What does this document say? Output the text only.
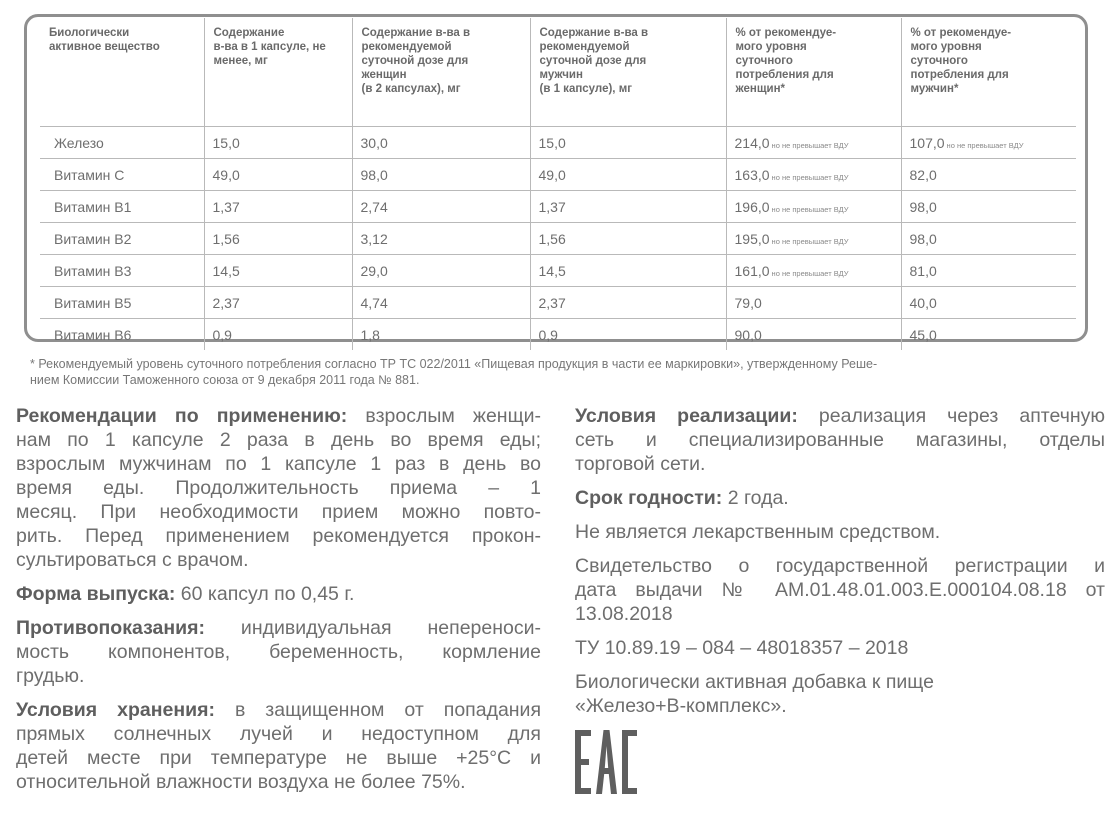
Биологически
активное вещество	Содержание
в-ва в 1 капсуле, не
менее, мг	Содержание в-ва в
рекомендуемой
суточной дозе для
женщин
(в 2 капсулах), мг	Содержание в-ва в
рекомендуемой
суточной дозе для
мужчин
(в 1 капсуле), мг	% от рекомендуе-
мого уровня
суточного
потребления для
женщин*	% от рекомендуе-
мого уровня
суточного
потребления для
мужчин*

Железо	15,0	30,0	15,0	214,0 но не превышает ВДУ	107,0 но не превышает ВДУ
Витамин С	49,0	98,0	49,0	163,0 но не превышает ВДУ	82,0
Витамин В1	1,37	2,74	1,37	196,0 но не превышает ВДУ	98,0
Витамин В2	1,56	3,12	1,56	195,0 но не превышает ВДУ	98,0
Витамин В3	14,5	29,0	14,5	161,0 но не превышает ВДУ	81,0
Витамин В5	2,37	4,74	2,37	79,0	40,0
Витамин В6	0,9	1,8	0,9	90,0	45,0
* Рекомендуемый уровень суточного потребления согласно ТР ТС 022/2011 «Пищевая продукция в части ее маркировки», утвержденному Реше-
нием Комиссии Таможенного союза от 9 декабря 2011 года № 881.
Рекомендации по применению: взрослым женщи-
нам по 1 капсуле 2 раза в день во время еды;
взрослым мужчинам по 1 капсуле 1 раз в день во
время еды. Продолжительность приема – 1
месяц. При необходимости прием можно повто-
рить. Перед применением рекомендуется прокон-
сультироваться с врачом.
Форма выпуска: 60 капсул по 0,45 г.
Противопоказания: индивидуальная непереноси-
мость компонентов, беременность, кормление
грудью.
Условия хранения: в защищенном от попадания
прямых солнечных лучей и недоступном для
детей месте при температуре не выше +25°С и
относительной влажности воздуха не более 75%.
Условия реализации: реализация через аптечную
сеть и специализированные магазины, отделы
торговой сети.
Срок годности: 2 года.
Не является лекарственным средством.
Свидетельство о государственной регистрации и
дата выдачи № АМ.01.48.01.003.Е.000104.08.18 от
13.08.2018
ТУ 10.89.19 – 084 – 48018357 – 2018
Биологически активная добавка к пище
«Железо+В-комплекс».
